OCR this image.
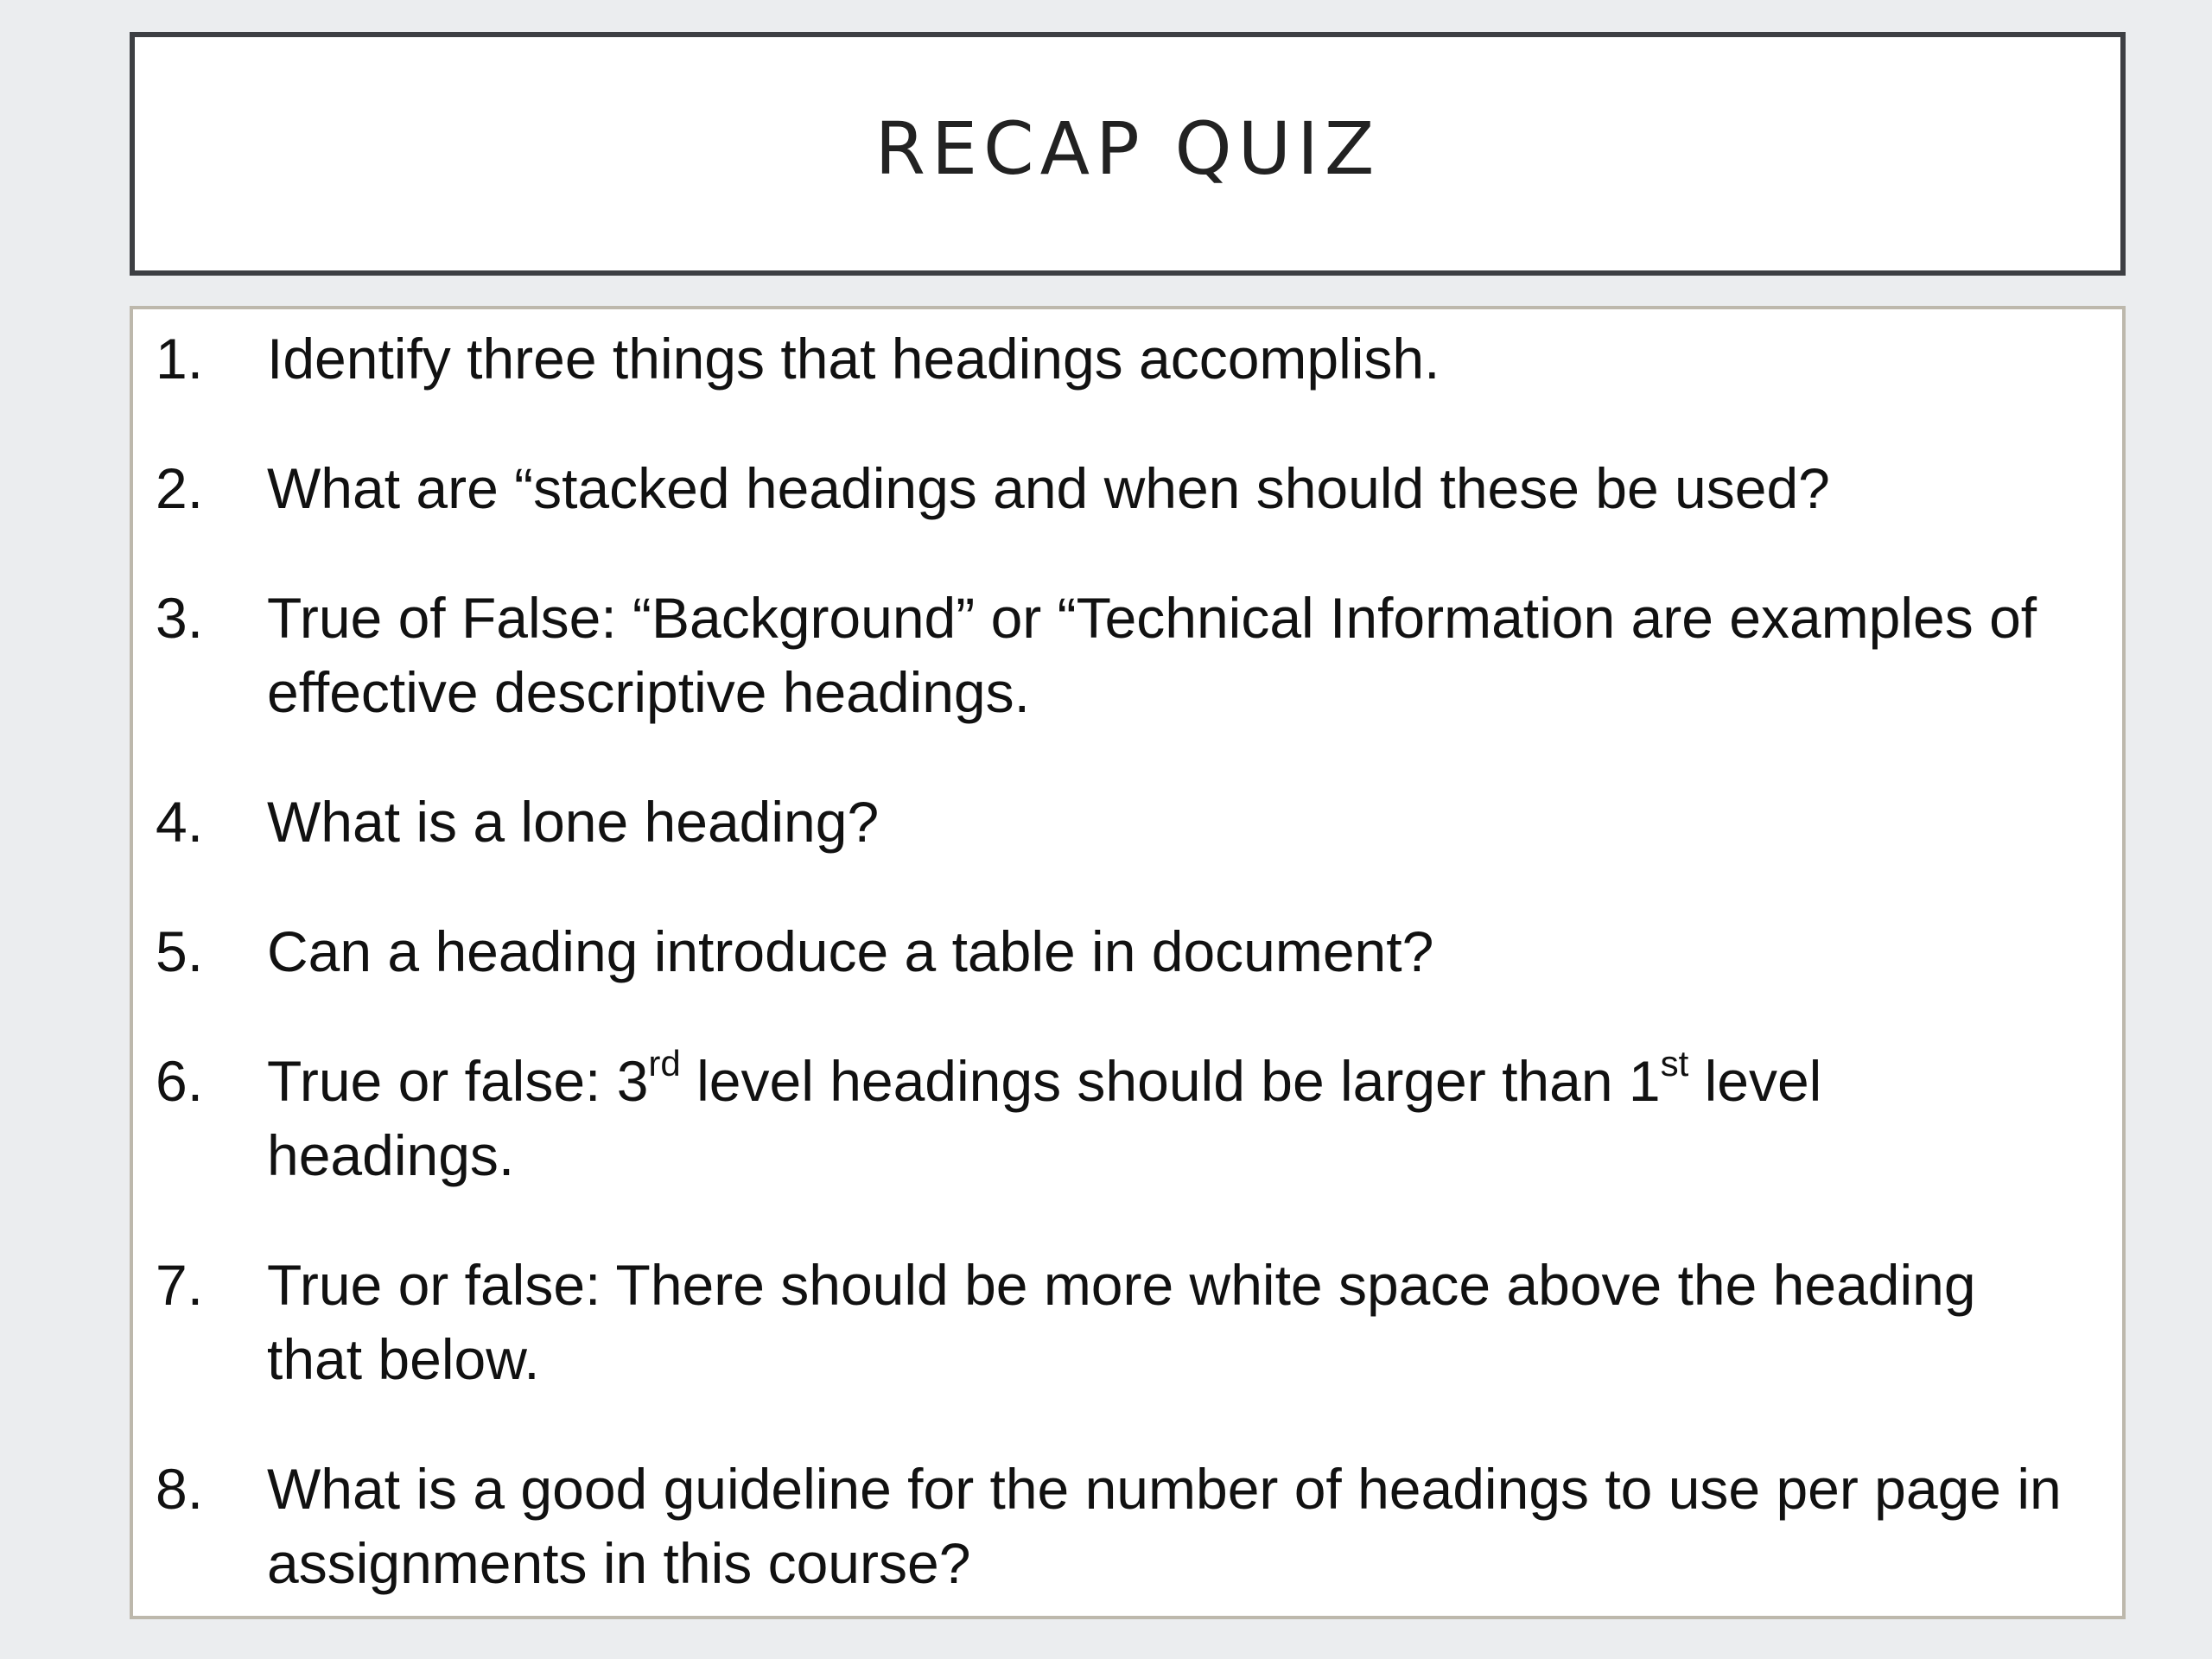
RECAP QUIZ
1. Identify three things that headings accomplish.
2. What are “stacked headings and when should these be used?
3. True of False: “Background” or “Technical Information are examples of effective descriptive headings.
4. What is a lone heading?
5. Can a heading introduce a table in document?
6. True or false: 3rd level headings should be larger than 1st level headings.
7. True or false: There should be more white space above the heading that below.
8. What is a good guideline for the number of headings to use per page in assignments in this course?
